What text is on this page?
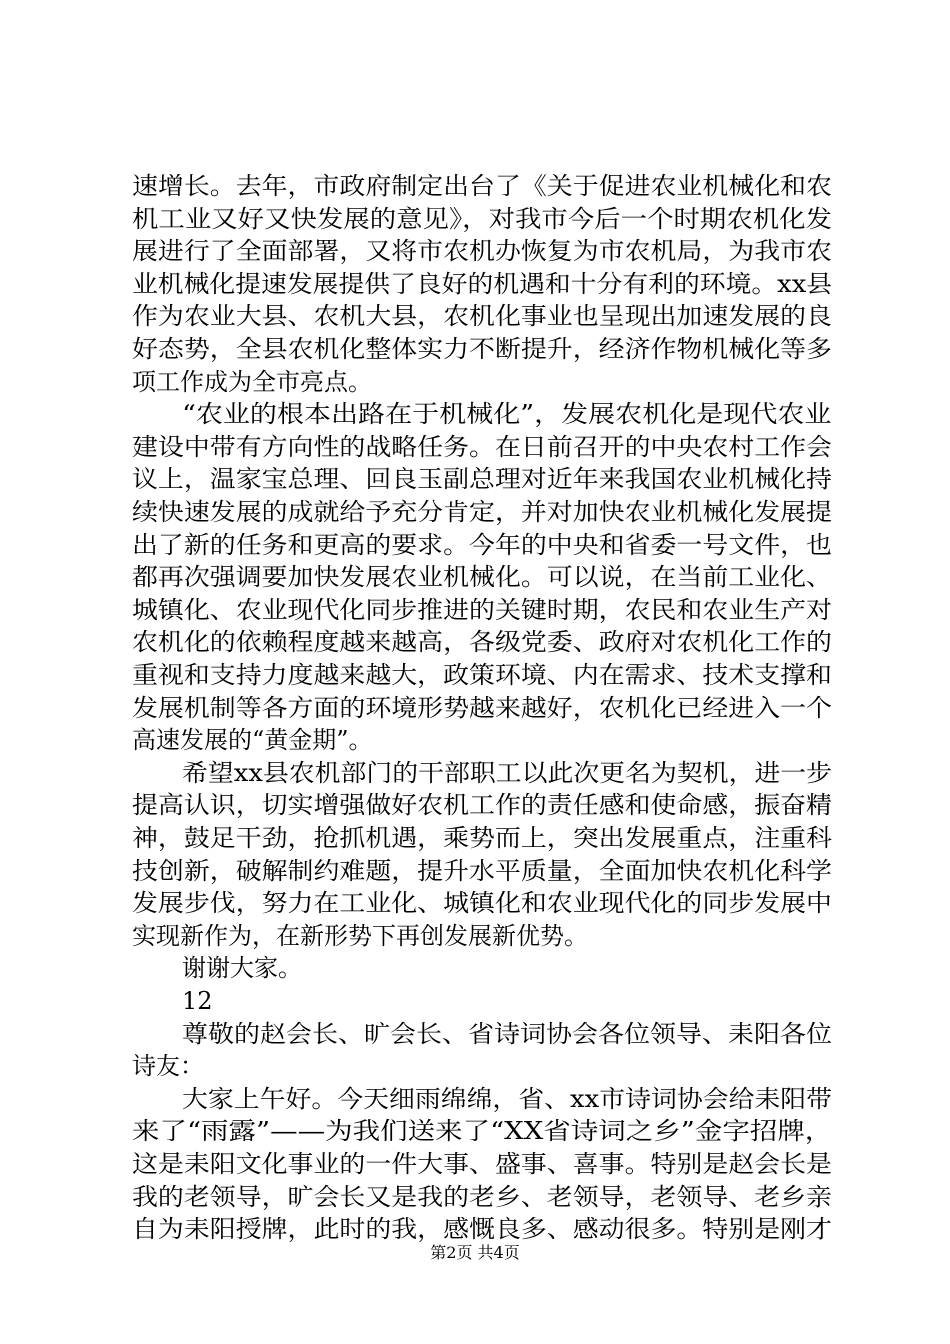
速增长。去年，市政府制定出台了《关于促进农业机械化和农
机工业又好又快发展的意见》，对我市今后一个时期农机化发
展进行了全面部署，又将市农机办恢复为市农机局，为我市农
业机械化提速发展提供了良好的机遇和十分有利的环境。xx县
作为农业大县、农机大县，农机化事业也呈现出加速发展的良
好态势，全县农机化整体实力不断提升，经济作物机械化等多
项工作成为全市亮点。
“农业的根本出路在于机械化”，发展农机化是现代农业
建设中带有方向性的战略任务。在日前召开的中央农村工作会
议上，温家宝总理、回良玉副总理对近年来我国农业机械化持
续快速发展的成就给予充分肯定，并对加快农业机械化发展提
出了新的任务和更高的要求。今年的中央和省委一号文件，也
都再次强调要加快发展农业机械化。可以说，在当前工业化、
城镇化、农业现代化同步推进的关键时期，农民和农业生产对
农机化的依赖程度越来越高，各级党委、政府对农机化工作的
重视和支持力度越来越大，政策环境、内在需求、技术支撑和
发展机制等各方面的环境形势越来越好，农机化已经进入一个
高速发展的“黄金期”。
希望xx县农机部门的干部职工以此次更名为契机，进一步
提高认识，切实增强做好农机工作的责任感和使命感，振奋精
神，鼓足干劲，抢抓机遇，乘势而上，突出发展重点，注重科
技创新，破解制约难题，提升水平质量，全面加快农机化科学
发展步伐，努力在工业化、城镇化和农业现代化的同步发展中
实现新作为，在新形势下再创发展新优势。
谢谢大家。
12
尊敬的赵会长、旷会长、省诗词协会各位领导、耒阳各位
诗友：
大家上午好。今天细雨绵绵，省、xx市诗词协会给耒阳带
来了“雨露”——为我们送来了“XX省诗词之乡”金字招牌，
这是耒阳文化事业的一件大事、盛事、喜事。特别是赵会长是
我的老领导，旷会长又是我的老乡、老领导，老领导、老乡亲
自为耒阳授牌，此时的我，感慨良多、感动很多。特别是刚才
第2页 共4页
